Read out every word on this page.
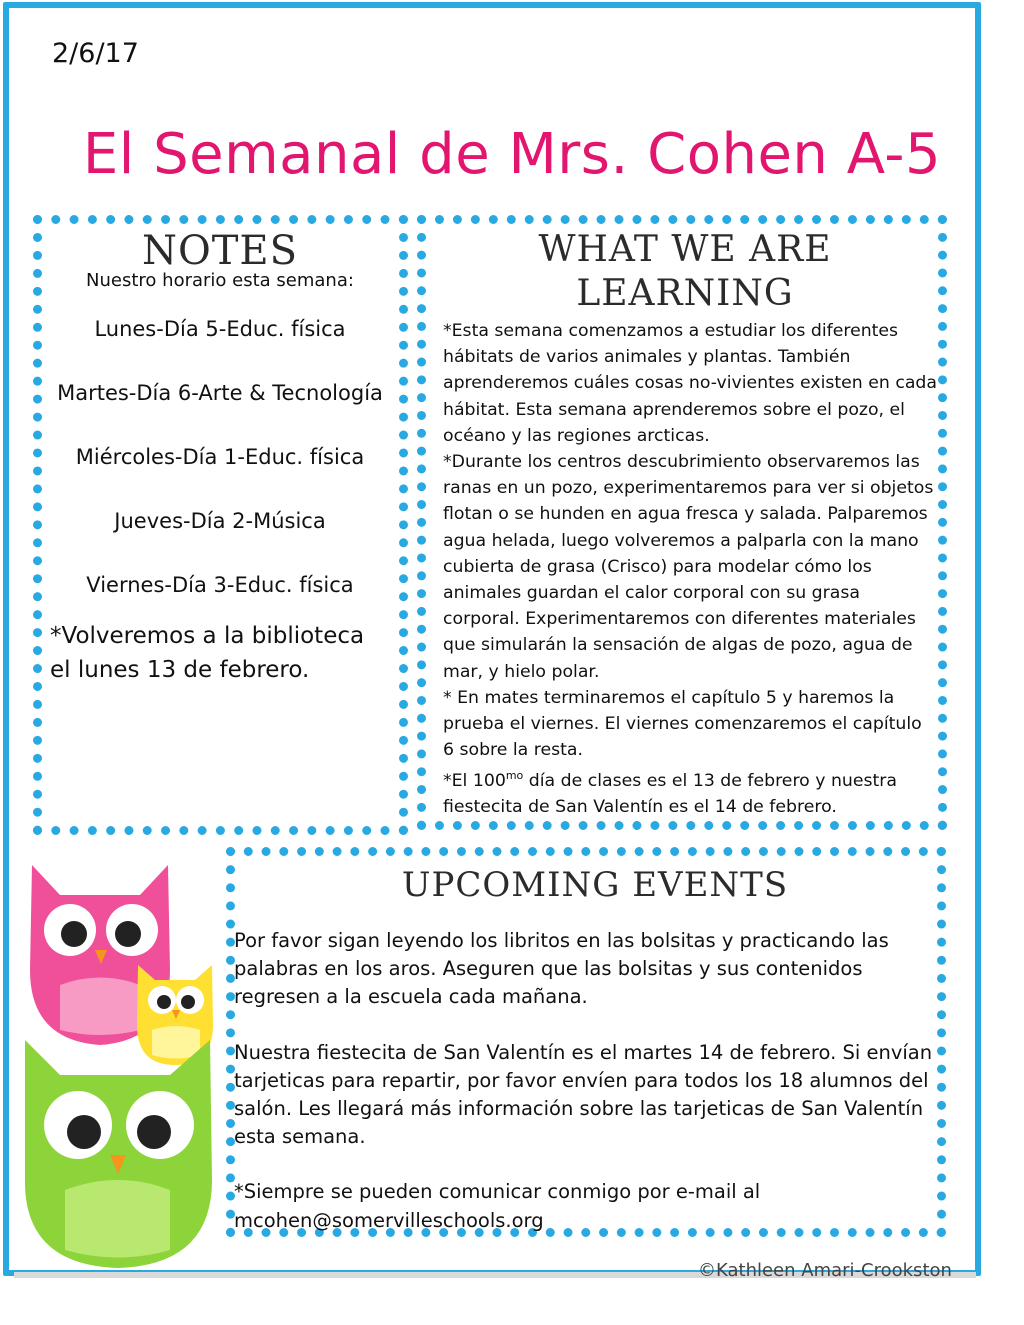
2/6/17
El Semanal de Mrs. Cohen A-5
NOTES

Nuestro horario esta semana:

Lunes-Día 5-Educ. física

Martes-Día 6-Arte & Tecnología

Miércoles-Día 1-Educ. física

Jueves-Día 2-Música

Viernes-Día 3-Educ. física

*Volveremos a la biblioteca el lunes 13 de febrero.

WHAT WE ARE LEARNING

*Esta semana comenzamos a estudiar los diferentes hábitats de varios animales y plantas. También aprenderemos cuáles cosas no-vivientes existen en cada hábitat. Esta semana aprenderemos sobre el pozo, el océano y las regiones arcticas.

*Durante los centros descubrimiento observaremos las ranas en un pozo, experimentaremos para ver si objetos flotan o se hunden en agua fresca y salada. Palparemos agua helada, luego volveremos a palparla con la mano cubierta de grasa (Crisco) para modelar cómo los animales guardan el calor corporal con su grasa corporal. Experimentaremos con diferentes materiales que simularán la sensación de algas de pozo, agua de mar, y hielo polar.

* En mates terminaremos el capítulo 5 y haremos la prueba el viernes. El viernes comenzaremos el capítulo 6 sobre la resta.

*El $100^{mo}$ día de clases es el 13 de febrero y nuestra fiestecita de San Valentín es el 14 de febrero.

UPCOMING EVENTS

Por favor sigan leyendo los libritos en las bolsitas y practicando las palabras en los aros. Aseguren que las bolsitas y sus contenidos regresen a la escuela cada mañana.

Nuestra fiestecita de San Valentín es el martes 14 de febrero. Si envían tarjeticas para repartir, por favor envíen para todos los 18 alumnos del salón. Les llegará más información sobre las tarjeticas de San Valentín esta semana.

*Siempre se pueden comunicar conmigo por e-mail al mcohen@somervilleschools.org

©Kathleen Amari-Crookston
